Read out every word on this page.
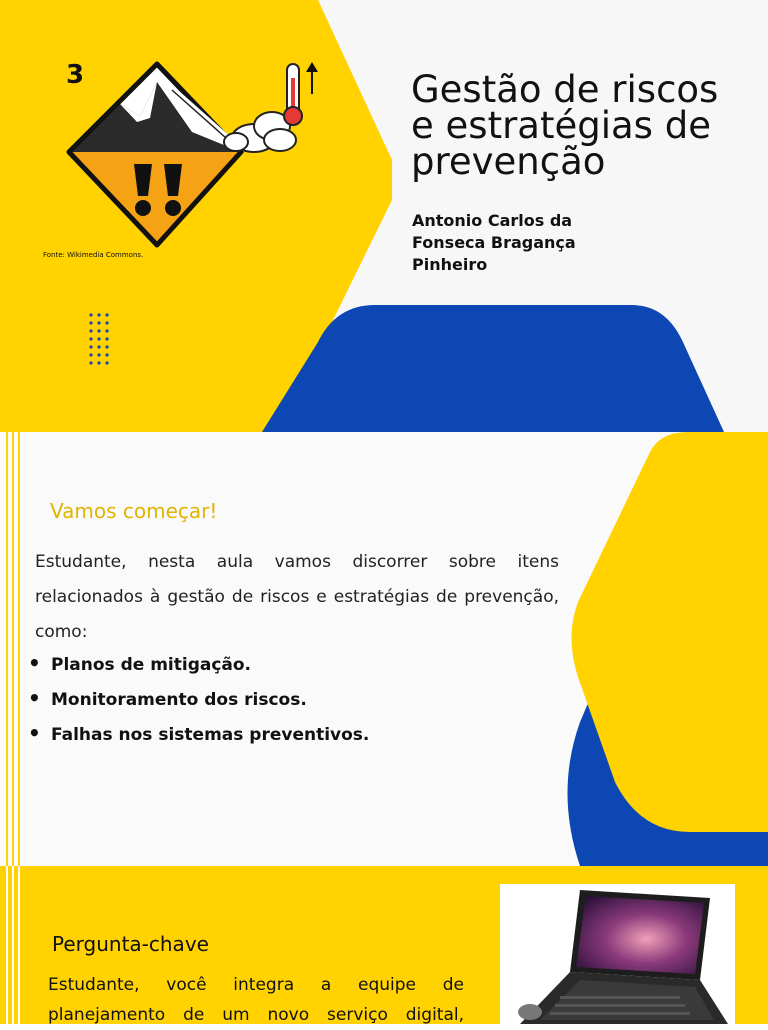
3
Fonte: Wikimedia Commons.
Gestão de riscos e estratégias de prevenção
Antonio Carlos da Fonseca Bragança Pinheiro
Vamos começar!
Estudante, nesta aula vamos discorrer sobre itens relacionados à gestão de riscos e estratégias de prevenção, como:
• Planos de mitigação.
• Monitoramento dos riscos.
• Falhas nos sistemas preventivos.
Pergunta-chave
Estudante, você integra a equipe de planejamento de um novo serviço digital,
